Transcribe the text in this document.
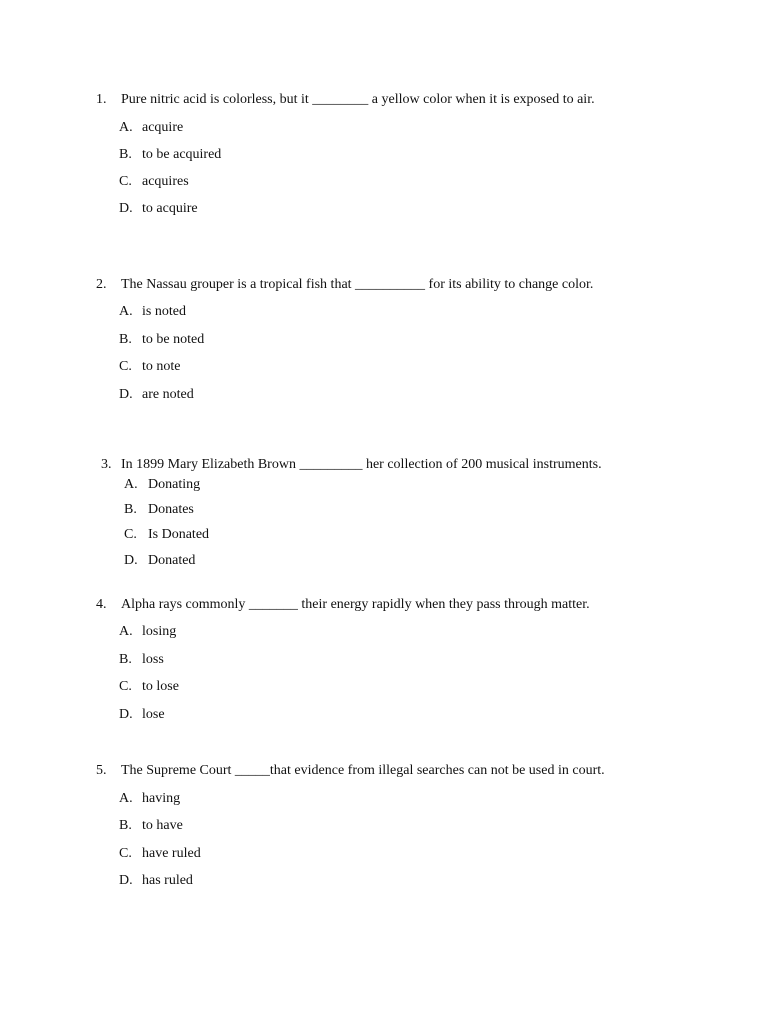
1.	Pure nitric acid is colorless, but it ________ a yellow color when it is exposed to air.
A. acquire
B. to be acquired
C. acquires
D. to acquire
2.	The Nassau grouper is a tropical fish that __________ for its ability to change color.
A. is noted
B. to be noted
C. to note
D. are noted
3. In 1899 Mary Elizabeth Brown _________ her collection of 200 musical instruments.
A. Donating
B. Donates
C. Is Donated
D. Donated
4.	Alpha rays commonly _______ their energy rapidly when they pass through matter.
A. losing
B. loss
C. to lose
D. lose
5.	The Supreme Court _____that evidence from illegal searches can not be used in court.
A. having
B. to have
C. have ruled
D. has ruled
